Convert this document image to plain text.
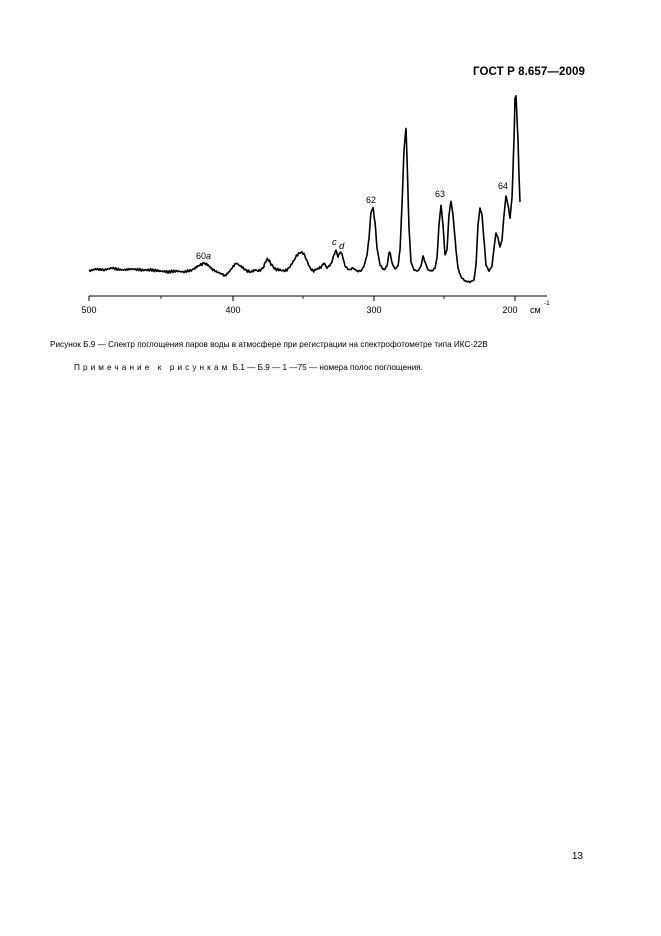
ГОСТ Р 8.657—2009
500	400	300	200 см
-1
60a
c d
62
63
64
Рисунок Б.9 — Спектр поглощения паров воды в атмосфере при регистрации на спектрофотометре типа ИКС-22В
Примечание к рисункам Б.1 — Б.9 — 1 —75 — номера полос поглощения.
13
